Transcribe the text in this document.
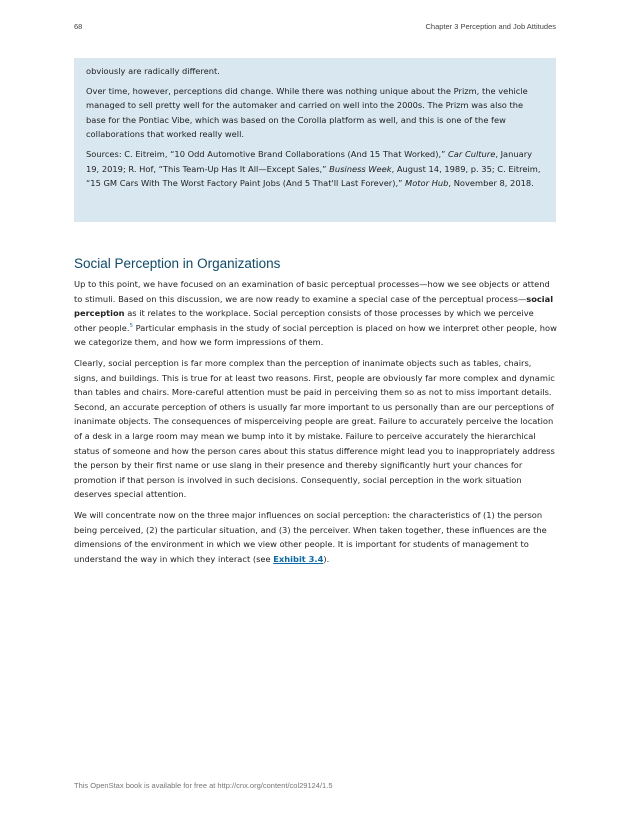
68	Chapter 3 Perception and Job Attitudes

obviously are radically different.

Over time, however, perceptions did change. While there was nothing unique about the Prizm, the vehicle managed to sell pretty well for the automaker and carried on well into the 2000s. The Prizm was also the base for the Pontiac Vibe, which was based on the Corolla platform as well, and this is one of the few collaborations that worked really well.

Sources: C. Eitreim, “10 Odd Automotive Brand Collaborations (And 15 That Worked),” Car Culture, January 19, 2019; R. Hof, “This Team-Up Has It All—Except Sales,” Business Week, August 14, 1989, p. 35; C. Eitreim, “15 GM Cars With The Worst Factory Paint Jobs (And 5 That'll Last Forever),” Motor Hub, November 8, 2018.

Social Perception in Organizations

Up to this point, we have focused on an examination of basic perceptual processes—how we see objects or attend to stimuli. Based on this discussion, we are now ready to examine a special case of the perceptual process—social perception as it relates to the workplace. Social perception consists of those processes by which we perceive other people.$^5$ Particular emphasis in the study of social perception is placed on how we interpret other people, how we categorize them, and how we form impressions of them.

Clearly, social perception is far more complex than the perception of inanimate objects such as tables, chairs, signs, and buildings. This is true for at least two reasons. First, people are obviously far more complex and dynamic than tables and chairs. More-careful attention must be paid in perceiving them so as not to miss important details. Second, an accurate perception of others is usually far more important to us personally than are our perceptions of inanimate objects. The consequences of misperceiving people are great. Failure to accurately perceive the location of a desk in a large room may mean we bump into it by mistake. Failure to perceive accurately the hierarchical status of someone and how the person cares about this status difference might lead you to inappropriately address the person by their first name or use slang in their presence and thereby significantly hurt your chances for promotion if that person is involved in such decisions. Consequently, social perception in the work situation deserves special attention.

We will concentrate now on the three major influences on social perception: the characteristics of (1) the person being perceived, (2) the particular situation, and (3) the perceiver. When taken together, these influences are the dimensions of the environment in which we view other people. It is important for students of management to understand the way in which they interact (see Exhibit 3.4).

This OpenStax book is available for free at http://cnx.org/content/col29124/1.5
